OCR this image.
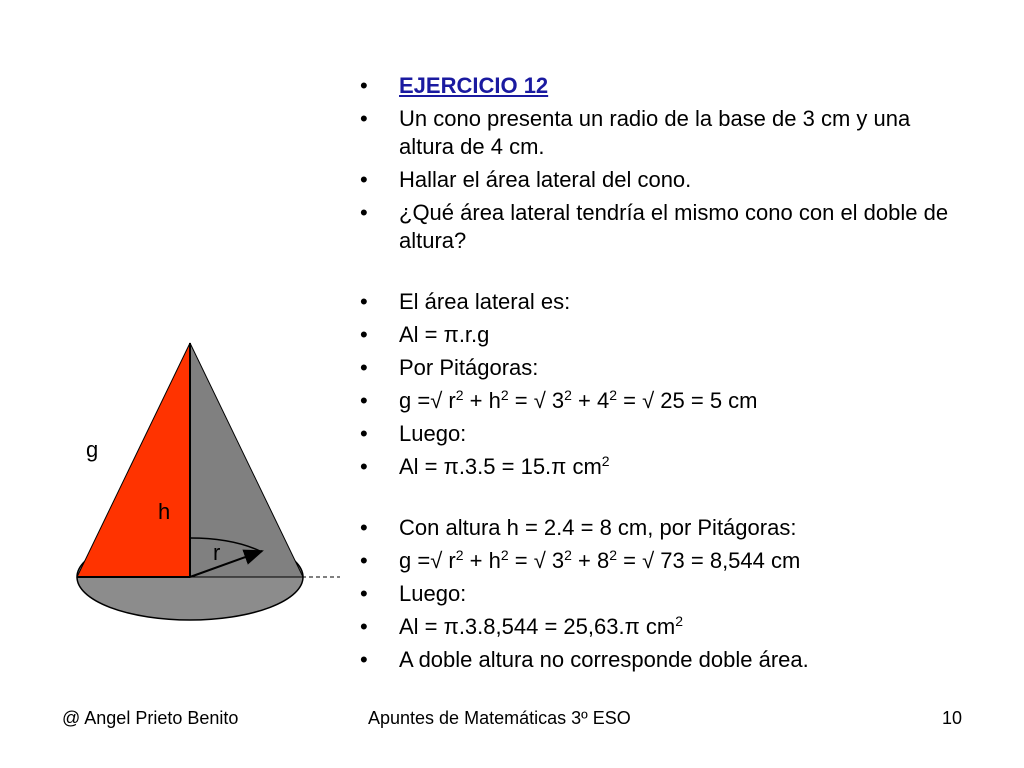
g
h
r
•	EJERCICIO 12
•	Un cono presenta un radio de la base de 3 cm y una altura de 4 cm.
•	Hallar el área lateral del cono.
•	¿Qué área lateral tendría el mismo cono con el doble de altura?
•	El área lateral es:
•	Al = π.r.g
•	Por Pitágoras:
•	g =√ $r^2 + h^2$ = √ $3^2 + 4^2$ = √ 25 = 5 cm
•	Luego:
•	Al = π.3.5 = 15.π $cm^2$
•	Con altura h = 2.4 = 8 cm, por Pitágoras:
•	g =√ $r^2 + h^2$ = √ $3^2 + 8^2$ = √ 73 = 8,544 cm
•	Luego:
•	Al = π.3.8,544 = 25,63.π $cm^2$
•	A doble altura no corresponde doble área.
@ Angel Prieto Benito	Apuntes de Matemáticas 3º ESO	10
